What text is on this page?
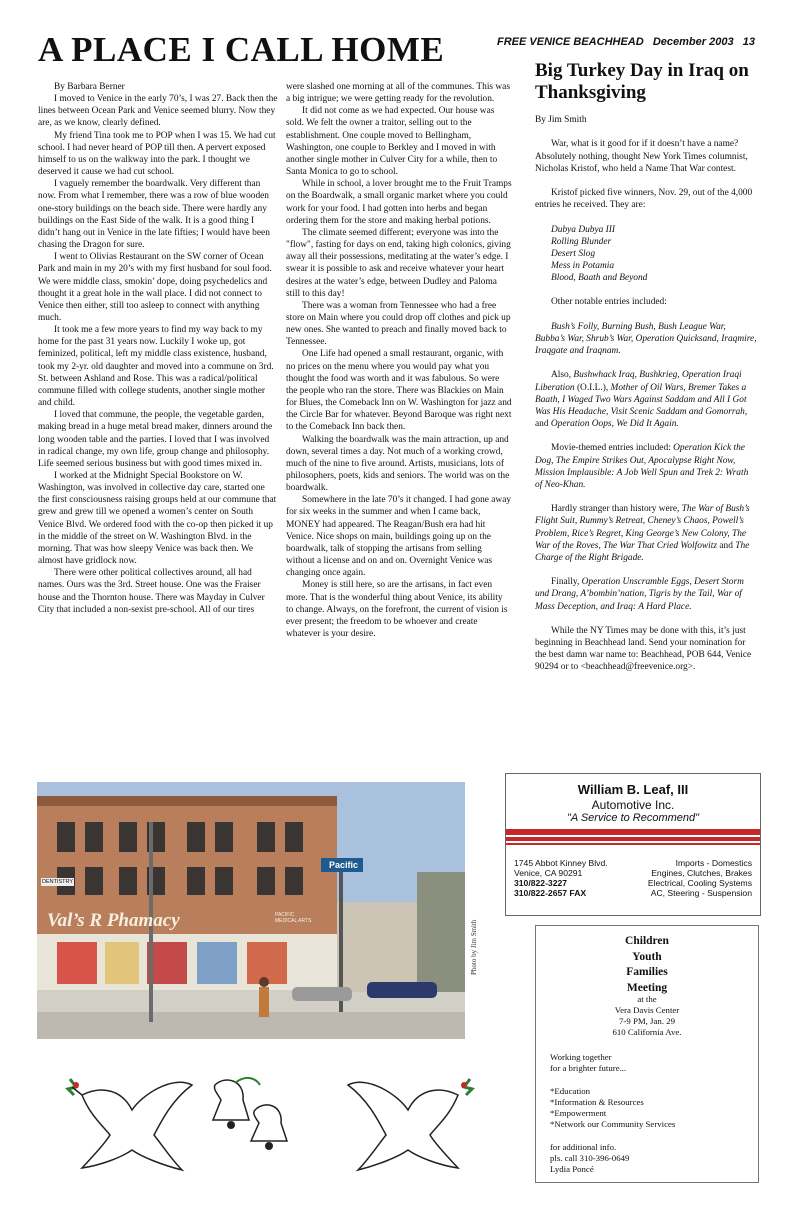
A PLACE I CALL HOME	FREE VENICE BEACHHEAD December 2003 13

By Barbara Berner

I moved to Venice in the early 70’s, I was 27. Back then the lines between Ocean Park and Venice seemed blurry. Now they are, as we know, clearly defined.

My friend Tina took me to POP when I was 15. We had cut school. I had never heard of POP till then. A pervert exposed himself to us on the walkway into the park. I thought we deserved it cause we had cut school.

I vaguely remember the boardwalk. Very different than now. From what I remember, there was a row of blue wooden one-story buildings on the beach side. There were hardly any buildings on the East Side of the walk. It is a good thing I didn’t hang out in Venice in the late fifties; I would have been chasing the Dragon for sure.

I went to Olivias Restaurant on the SW corner of Ocean Park and main in my 20’s with my first husband for soul food. We were middle class, smokin’ dope, doing psychedelics and thought it a great hole in the wall place. I did not connect to Venice then either, still too asleep to connect with anything much.

It took me a few more years to find my way back to my home for the past 31 years now. Luckily I woke up, got feminized, political, left my middle class existence, husband, took my 2-yr. old daughter and moved into a commune on 3rd. St. between Ashland and Rose. This was a radical/political commune filled with college students, another single mother and child.

I loved that commune, the people, the vegetable garden, making bread in a huge metal bread maker, dinners around the long wooden table and the parties. I loved that I was involved in radical change, my own life, group change and philosophy. Life seemed serious business but with good times mixed in.

I worked at the Midnight Special Bookstore on W. Washington, was involved in collective day care, started one the first consciousness raising groups held at our commune that grew and grew till we opened a women’s center on South Venice Blvd. We ordered food with the co-op then picked it up in the middle of the street on W. Washington Blvd. in the morning. That was how sleepy Venice was back then. We almost have gridlock now.

There were other political collectives around, all had names. Ours was the 3rd. Street house. One was the Fraiser house and the Thornton house. There was Mayday in Culver City that included a non-sexist pre-school. All of our tires

were slashed one morning at all of the communes. This was a big intrigue; we were getting ready for the revolution.

It did not come as we had expected. Our house was sold. We felt the owner a traitor, selling out to the establishment. One couple moved to Bellingham, Washington, one couple to Berkley and I moved in with another single mother in Culver City for a while, then to Santa Monica to go to school.

While in school, a lover brought me to the Fruit Tramps on the Boardwalk, a small organic market where you could work for your food. I had gotten into herbs and began ordering them for the store and making herbal potions.

The climate seemed different; everyone was into the "flow", fasting for days on end, taking high colonics, giving away all their possessions, meditating at the water’s edge. I swear it is possible to ask and receive whatever your heart desires at the water’s edge, between Dudley and Paloma still to this day!

There was a woman from Tennessee who had a free store on Main where you could drop off clothes and pick up new ones. She wanted to preach and finally moved back to Tennessee.

One Life had opened a small restaurant, organic, with no prices on the menu where you would pay what you thought the food was worth and it was fabulous. So were the people who ran the store. There was Blackies on Main for Blues, the Comeback Inn on W. Washington for jazz and the Circle Bar for whatever. Beyond Baroque was right next to the Comeback Inn back then.

Walking the boardwalk was the main attraction, up and down, several times a day. Not much of a working crowd, much of the nine to five around. Artists, musicians, lots of philosophers, poets, kids and seniors. The world was on the boardwalk.

Somewhere in the late 70’s it changed. I had gone away for six weeks in the summer and when I came back, MONEY had appeared. The Reagan/Bush era had hit Venice. Nice shops on main, buildings going up on the boardwalk, talk of stopping the artisans from selling without a license and on and on. Overnight Venice was changing once again.

Money is still here, so are the artisans, in fact even more. That is the wonderful thing about Venice, its ability to change. Always, on the forefront, the current of vision is ever present; the freedom to be whoever and create whatever is your desire.

Big Turkey Day in Iraq on Thanksgiving

By Jim Smith

War, what is it good for if it doesn’t have a name? Absolutely nothing, thought New York Times columnist, Nicholas Kristof, who held a Name That War contest.

Kristof picked five winners, Nov. 29, out of the 4,000 entries he received. They are:

Dubya Dubya III
Rolling Blunder
Desert Slog
Mess in Potamia
Blood, Baath and Beyond

Other notable entries included:

Bush’s Folly, Burning Bush, Bush League War, Bubba’s War, Shrub’s War, Operation Quicksand, Iraqmire, Iraqgate and Iraqnam.

Also, Bushwhack Iraq, Bushkrieg, Operation Iraqi Liberation (O.I.L.), Mother of Oil Wars, Bremer Takes a Baath, I Waged Two Wars Against Saddam and All I Got Was His Headache, Visit Scenic Saddam and Gomorrah, and Operation Oops, We Did It Again.

Movie-themed entries included: Operation Kick the Dog, The Empire Strikes Out, Apocalypse Right Now, Mission Implausible: A Job Well Spun and Trek 2: Wrath of Neo-Khan.

Hardly stranger than history were, The War of Bush’s Flight Suit, Rummy’s Retreat, Cheney’s Chaos, Powell’s Problem, Rice’s Regret, King George’s New Colony, The War of the Roves, The War That Cried Wolfowitz and The Charge of the Right Brigade.

Finally, Operation Unscramble Eggs, Desert Storm und Drang, A’bombin’nation, Tigris by the Tail, War of Mass Deception, and Iraq: A Hard Place.

While the NY Times may be done with this, it’s just beginning in Beachhead land. Send your nomination for the best damn war name to: Beachhead, POB 644, Venice 90294 or to <beachhead@freevenice.org>.

Pacific
Val’s R Phamacy
DENTISTRY
PACIFIC MEDICAL ARTS	Photo by Jim Smith
William B. Leaf, III
Automotive Inc.
"A Service to Recommend"
1745 Abbot Kinney Blvd.
Venice, CA 90291
310/822-3227
310/822-2657 FAX
Imports - Domestics
Engines, Clutches, Brakes
Electrical, Cooling Systems
AC, Steering - Suspension
Children
Youth
Families
Meeting
at the
Vera Davis Center
7-9 PM, Jan. 29
610 California Ave.
Working together
for a brighter future...
*Education
*Information & Resources
*Empowerment
*Network our Community Services
for additional info.
pls. call 310-396-0649
Lydia Poncé
